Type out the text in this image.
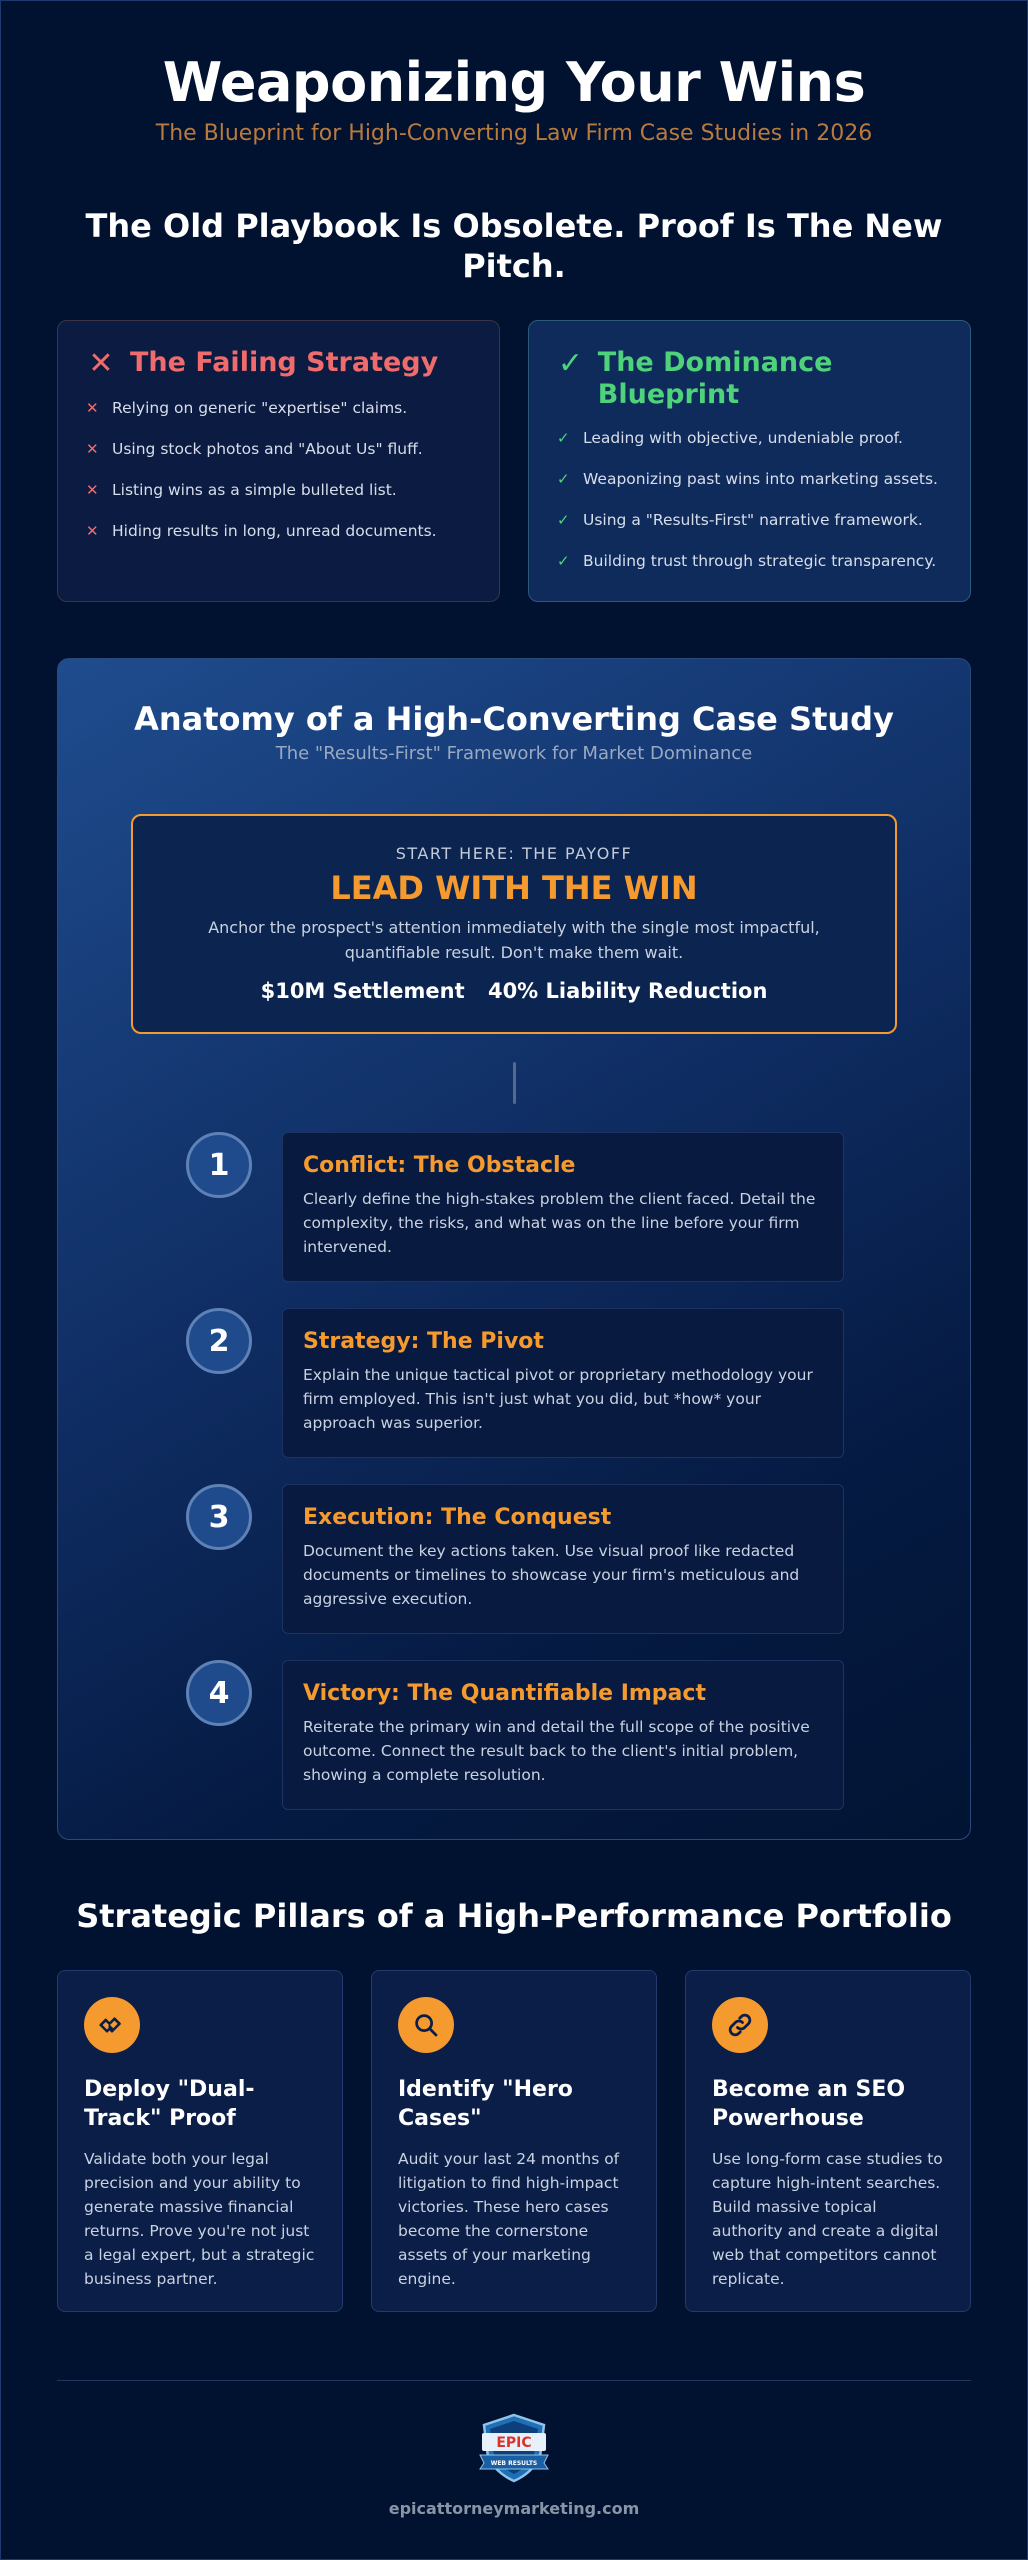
Weaponizing Your Wins
The Blueprint for High-Converting Law Firm Case Studies in 2026
The Old Playbook Is Obsolete. Proof Is The New Pitch.
✕ The Failing Strategy
✕ Relying on generic "expertise" claims.
✕ Using stock photos and "About Us" fluff.
✕ Listing wins as a simple bulleted list.
✕ Hiding results in long, unread documents.
✓ The Dominance Blueprint
✓ Leading with objective, undeniable proof.
✓ Weaponizing past wins into marketing assets.
✓ Using a "Results-First" narrative framework.
✓ Building trust through strategic transparency.
Anatomy of a High-Converting Case Study
The "Results-First" Framework for Market Dominance
START HERE: THE PAYOFF
LEAD WITH THE WIN
Anchor the prospect's attention immediately with the single most impactful, quantifiable result. Don't make them wait.
$10M Settlement 40% Liability Reduction
1	Conflict: The Obstacle
Clearly define the high-stakes problem the client faced. Detail the complexity, the risks, and what was on the line before your firm intervened.
2	Strategy: The Pivot
Explain the unique tactical pivot or proprietary methodology your firm employed. This isn't just what you did, but *how* your approach was superior.
3	Execution: The Conquest
Document the key actions taken. Use visual proof like redacted documents or timelines to showcase your firm's meticulous and aggressive execution.
4	Victory: The Quantifiable Impact
Reiterate the primary win and detail the full scope of the positive outcome. Connect the result back to the client's initial problem, showing a complete resolution.
Strategic Pillars of a High-Performance Portfolio
Deploy "Dual-Track" Proof
Validate both your legal precision and your ability to generate massive financial returns. Prove you're not just a legal expert, but a strategic business partner.
Identify "Hero Cases"
Audit your last 24 months of litigation to find high-impact victories. These hero cases become the cornerstone assets of your marketing engine.
Become an SEO Powerhouse
Use long-form case studies to capture high-intent searches. Build massive topical authority and create a digital web that competitors cannot replicate.
EPIC
WEB RESULTS
epicattorneymarketing.com
